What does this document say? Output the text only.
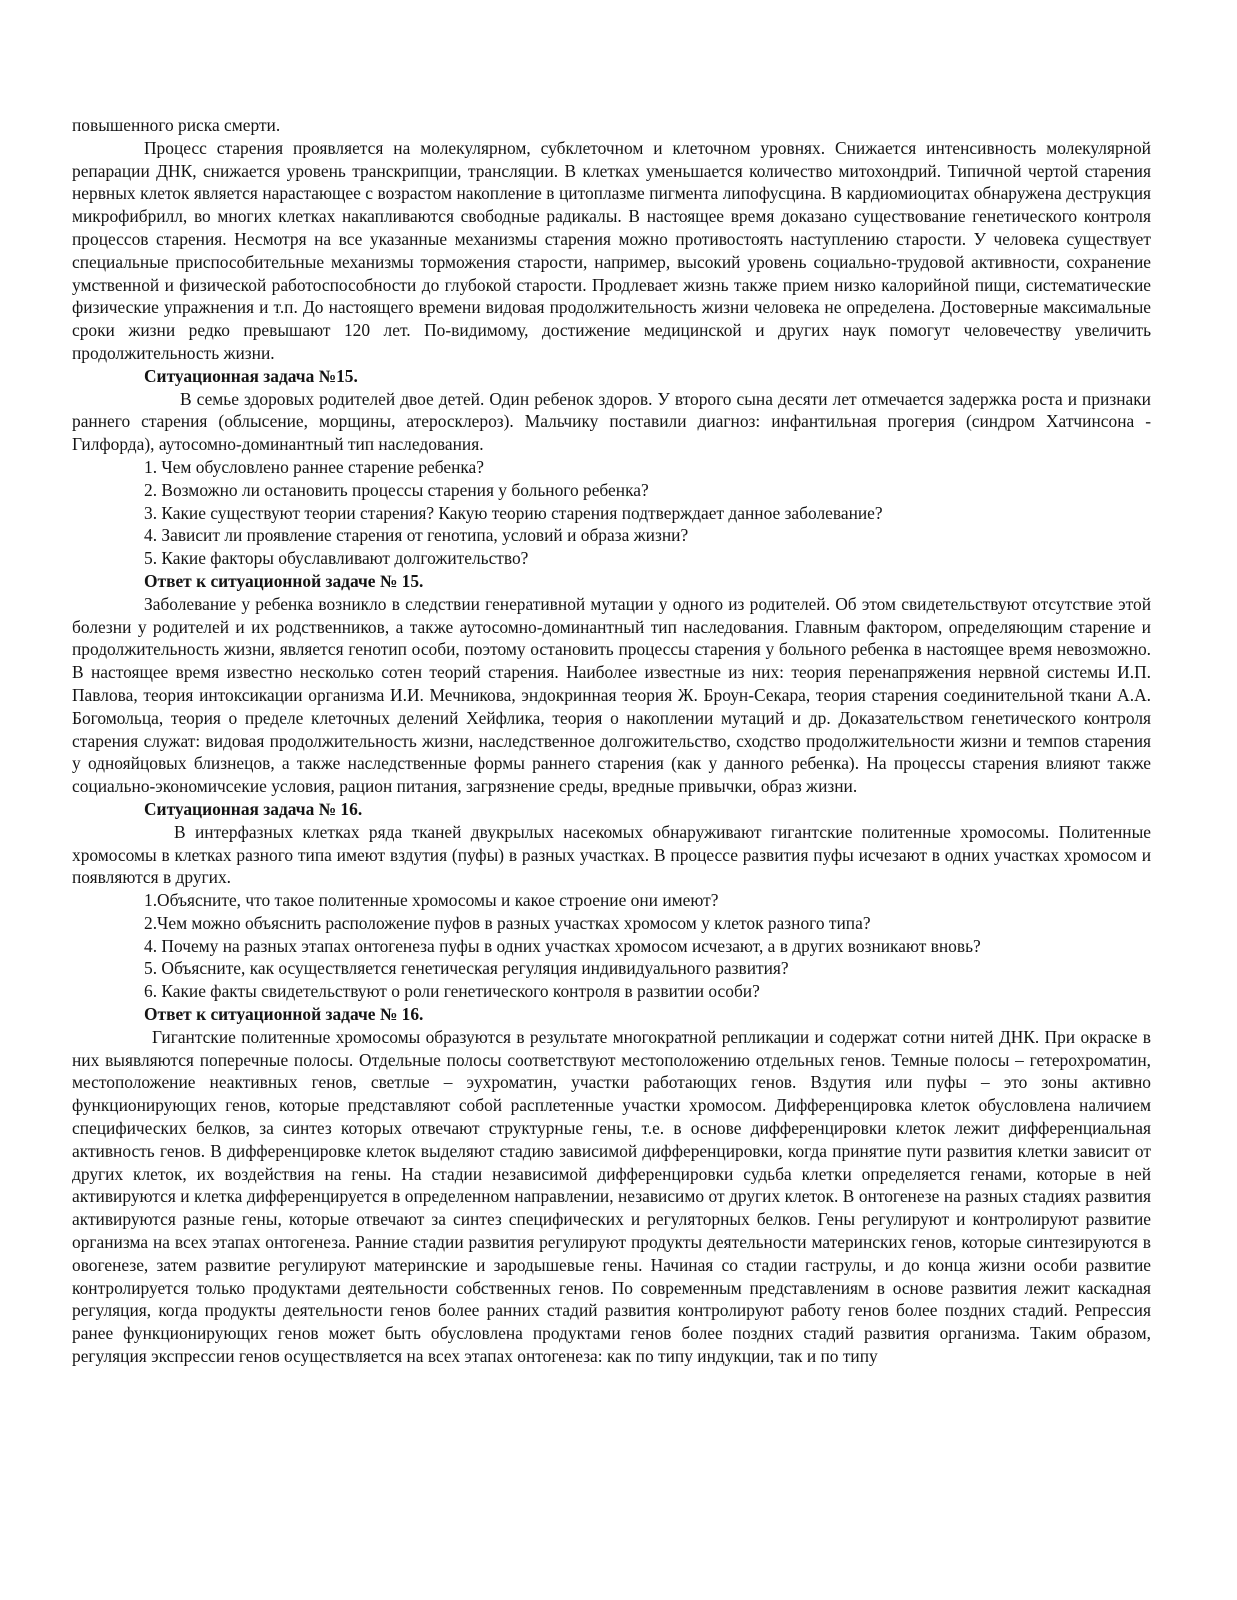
повышенного риска смерти.

Процесс старения проявляется на молекулярном, субклеточном и клеточном уровнях. Снижается интенсивность молекулярной репарации ДНК, снижается уровень транскрипции, трансляции. В клетках уменьшается количество митохондрий. Типичной чертой старения нервных клеток является нарастающее с возрастом накопление в цитоплазме пигмента липофусцина. В кардиомиоцитах обнаружена деструкция микрофибрилл, во многих клетках накапливаются свободные радикалы. В настоящее время доказано существование генетического контроля процессов старения. Несмотря на все указанные механизмы старения можно противостоять наступлению старости. У человека существует специальные приспособительные механизмы торможения старости, например, высокий уровень социально-трудовой активности, сохранение умственной и физической работоспособности до глубокой старости. Продлевает жизнь также прием низко калорийной пищи, систематические физические упражнения и т.п. До настоящего времени видовая продолжительность жизни человека не определена. Достоверные максимальные сроки жизни редко превышают 120 лет. По-видимому, достижение медицинской и других наук помогут человечеству увеличить продолжительность жизни.

Ситуационная задача №15.

В семье здоровых родителей двое детей. Один ребенок здоров. У второго сына десяти лет отмечается задержка роста и признаки раннего старения (облысение, морщины, атеросклероз). Мальчику поставили диагноз: инфантильная прогерия (синдром Хатчинсона - Гилфорда), аутосомно-доминантный тип наследования.

1. Чем обусловлено раннее старение ребенка?

2. Возможно ли остановить процессы старения у больного ребенка?

3. Какие существуют теории старения? Какую теорию старения подтверждает данное заболевание?

4. Зависит ли проявление старения от генотипа, условий и образа жизни?

5. Какие факторы обуславливают долгожительство?

Ответ к ситуационной задаче № 15.

Заболевание у ребенка возникло в следствии генеративной мутации у одного из родителей. Об этом свидетельствуют отсутствие этой болезни у родителей и их родственников, а также аутосомно-доминантный тип наследования. Главным фактором, определяющим старение и продолжительность жизни, является генотип особи, поэтому остановить процессы старения у больного ребенка в настоящее время невозможно. В настоящее время известно несколько сотен теорий старения. Наиболее известные из них: теория перенапряжения нервной системы И.П. Павлова, теория интоксикации организма И.И. Мечникова, эндокринная теория Ж. Броун-Секара, теория старения соединительной ткани А.А. Богомольца, теория о пределе клеточных делений Хейфлика, теория о накоплении мутаций и др. Доказательством генетического контроля старения служат: видовая продолжительность жизни, наследственное долгожительство, сходство продолжительности жизни и темпов старения у однояйцовых близнецов, а также наследственные формы раннего старения (как у данного ребенка). На процессы старения влияют также социально-экономичсекие условия, рацион питания, загрязнение среды, вредные привычки, образ жизни.

Ситуационная задача № 16.

В интерфазных клетках ряда тканей двукрылых насекомых обнаруживают гигантские политенные хромосомы. Политенные хромосомы в клетках разного типа имеют вздутия (пуфы) в разных участках. В процессе развития пуфы исчезают в одних участках хромосом и появляются в других.

1.Объясните, что такое политенные хромосомы и какое строение они имеют?

2.Чем можно объяснить расположение пуфов в разных участках хромосом у клеток разного типа?

4. Почему на разных этапах онтогенеза пуфы в одних участках хромосом исчезают, а в других возникают вновь?

5. Объясните, как осуществляется генетическая регуляция индивидуального развития?

6. Какие факты свидетельствуют о роли генетического контроля в развитии особи?

Ответ к ситуационной задаче № 16.

Гигантские политенные хромосомы образуются в результате многократной репликации и содержат сотни нитей ДНК. При окраске в них выявляются поперечные полосы. Отдельные полосы соответствуют местоположению отдельных генов. Темные полосы – гетерохроматин, местоположение неактивных генов, светлые – эухроматин, участки работающих генов. Вздутия или пуфы – это зоны активно функционирующих генов, которые представляют собой расплетенные участки хромосом. Дифференцировка клеток обусловлена наличием специфических белков, за синтез которых отвечают структурные гены, т.е. в основе дифференцировки клеток лежит дифференциальная активность генов. В дифференцировке клеток выделяют стадию зависимой дифференцировки, когда принятие пути развития клетки зависит от других клеток, их воздействия на гены. На стадии независимой дифференцировки судьба клетки определяется генами, которые в ней активируются и клетка дифференцируется в определенном направлении, независимо от других клеток. В онтогенезе на разных стадиях развития активируются разные гены, которые отвечают за синтез специфических и регуляторных белков. Гены регулируют и контролируют развитие организма на всех этапах онтогенеза. Ранние стадии развития регулируют продукты деятельности материнских генов, которые синтезируются в овогенезе, затем развитие регулируют материнские и зародышевые гены. Начиная со стадии гаструлы, и до конца жизни особи развитие контролируется только продуктами деятельности собственных генов. По современным представлениям в основе развития лежит каскадная регуляция, когда продукты деятельности генов более ранних стадий развития контролируют работу генов более поздних стадий. Репрессия ранее функционирующих генов может быть обусловлена продуктами генов более поздних стадий развития организма. Таким образом, регуляция экспрессии генов осуществляется на всех этапах онтогенеза: как по типу индукции, так и по типу
